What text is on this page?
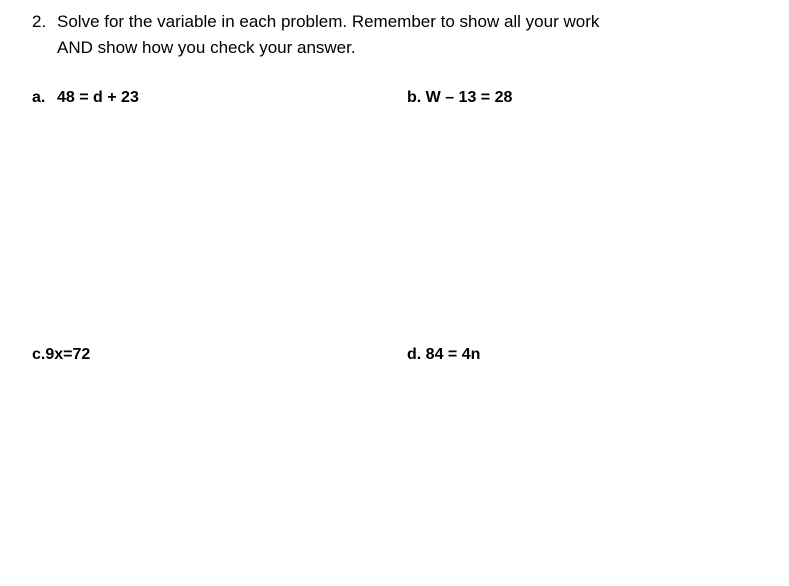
2. Solve for the variable in each problem. Remember to show all your work
AND show how you check your answer.
a. 48 = d + 23	b. W – 13 = 28
c.9x=72	d. 84 = 4n
